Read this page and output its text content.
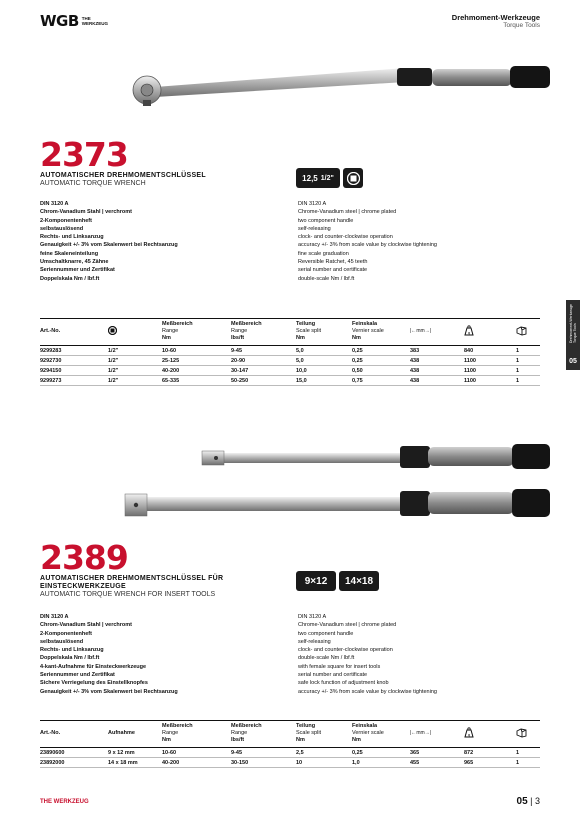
WGB THE
WERKZEUG
Drehmoment-Werkzeuge
Torque Tools
Drehmoment-Werkzeuge
Torque Tools
05
2373
AUTOMATISCHER DREHMOMENTSCHLÜSSEL
AUTOMATIC TORQUE WRENCH
12,5 1/2"
DIN 3120 A
Chrom-Vanadium Stahl | verchromt
2-Komponentenheft
selbstauslösend
Rechts- und Linksanzug
Genauigkeit +/- 3% vom Skalenwert bei Rechtsanzug
feine Skaleneinteilung
Umschaltknarre, 45 Zähne
Seriennummer und Zertifikat
Doppelskala Nm / lbf.ft
DIN 3120 A
Chrome-Vanadium steel | chrome plated
two component handle
self-releasing
clock- and counter-clockwise operation
accuracy +/- 3% from scale value by clockwise tightening
fine scale graduation
Reversible Ratchet, 45 teeth
serial number and certificate
double-scale Nm / lbf.ft
Art.-No.		Meßbereich
Range
Nm	Meßbereich
Range
lbs/ft	Teilung
Scale split
Nm	Feinskala
Vernier scale
Nm	|←mm→|	g

9299283	1/2"	10-60	9-45	5,0	0,25	383	840	1
9292730	1/2"	25-125	20-90	5,0	0,25	438	1100	1
9294150	1/2"	40-200	30-147	10,0	0,50	438	1100	1
9299273	1/2"	65-335	50-250	15,0	0,75	438	1100	1
2389
AUTOMATISCHER DREHMOMENTSCHLÜSSEL FÜR
EINSTECKWERKZEUGE
AUTOMATIC TORQUE WRENCH FOR INSERT TOOLS
9×12	14×18
DIN 3120 A
Chrom-Vanadium Stahl | verchromt
2-Komponentenheft
selbstauslösend
Rechts- und Linksanzug
Doppelskala Nm / lbf.ft
4-kant-Aufnahme für Einsteckwerkzeuge
Seriennummer und Zertifikat
Sichere Verriegelung des Einstellknopfes
Genauigkeit +/- 3% vom Skalenwert bei Rechtsanzug
DIN 3120 A
Chrome-Vanadium steel | chrome plated
two component handle
self-releasing
clock- and counter-clockwise operation
double-scale Nm / lbf.ft
with female square for insert tools
serial number and certificate
safe lock function of adjustment knob
accuracy +/- 3% from scale value by clockwise tightening
Art.-No.	Aufnahme	Meßbereich
Range
Nm	Meßbereich
Range
lbs/ft	Teilung
Scale split
Nm	Feinskala
Vernier scale
Nm	|←mm→|	g

23890600	9 x 12 mm	10-60	9-45	2,5	0,25	365	872	1
23892000	14 x 18 mm	40-200	30-150	10	1,0	455	965	1
THE WERKZEUG	05 | 3
